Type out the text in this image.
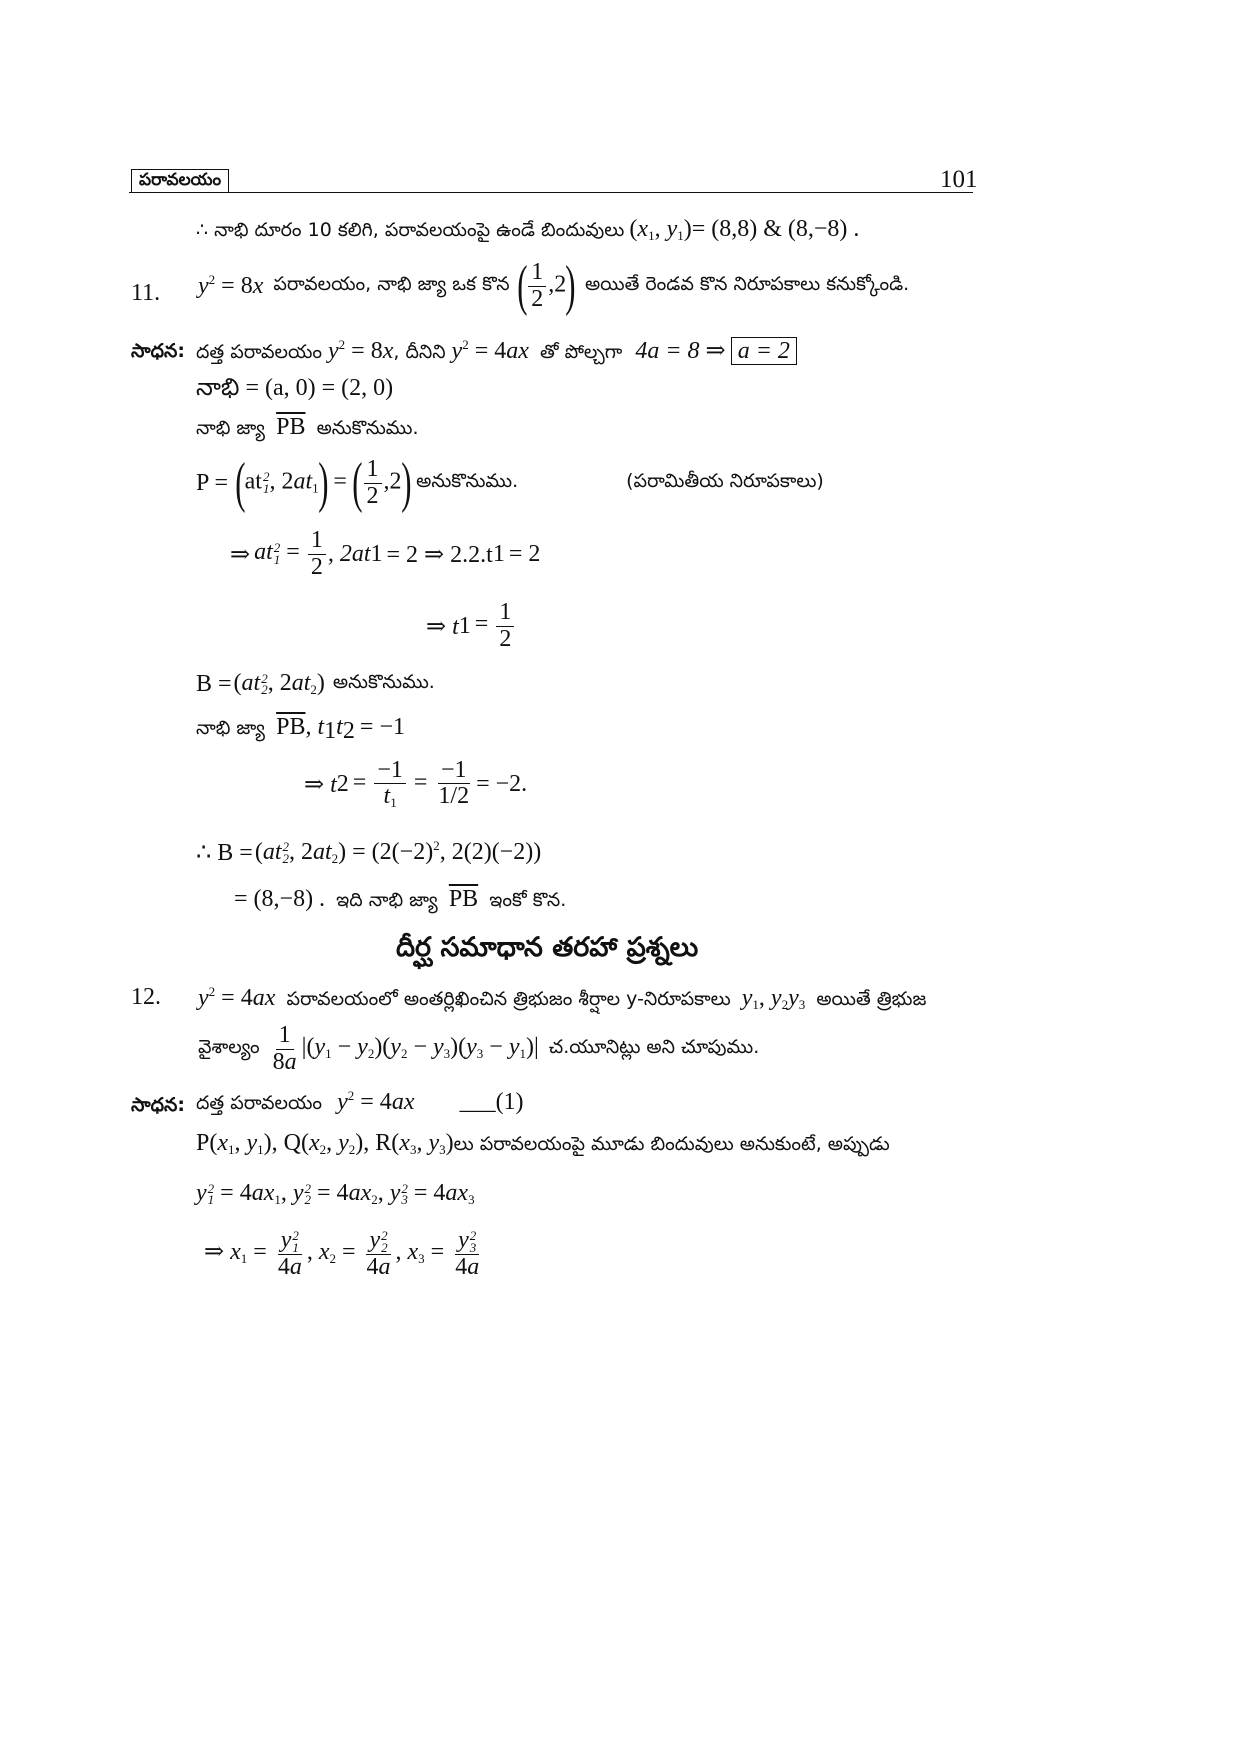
పరావలయం	101
∴ నాభి దూరం 10 కలిగి, పరావలయంపై ఉండే బిందువులు ($x_1$, $y_1)= (8,8)$ & (8,−8) .
11. $y^2 = 8x$ పరావలయం, నాభి జ్యా ఒక కొన ( $\frac{1}{2} ,2$) అయితే రెండవ కొన నిరూపకాలు కనుక్కోండి.
సాధన: దత్త పరావలయం $y^2 = 8x$, దీనిని $y^2 = 4ax$ తో పోల్చగా 4a = 8 ⇒ a = 2
నాభి = (a, 0) = (2, 0)
నాభి జ్యా $\overline{PB}$ అనుకొనుము.
P = (at 2
1 , $2at_1$) = ( $\frac{1}{2} ,2$) అనుకొనుము.	(పరామితీయ నిరూపకాలు)
⇒ at 2
$1 = \frac{1}{2}$ , 2at 1 = 2 ⇒ 2.2.t 1 = 2
⇒ t $1 = \frac{1}{2}$
B = (at 2
2 , $2at_2$) అనుకొనుము.
నాభి జ్యా $\overline{PB}$, $t_1t_2 = -1$
⇒ t $2 = \frac{-1}{t_1} = \frac{-1}{1/2} = -2$.
∴ B = (at 2
2 , $2at_2) = (2(-2)^2$, 2(2)(−2))
= (8,−8) . ఇది నాభి జ్యా $\overline{PB}$ ఇంకో కొన.
దీర్ఘ సమాధాన తరహా ప్రశ్నలు
12. $y^2 = 4ax$ పరావలయంలో అంతర్లిఖించిన త్రిభుజం శీర్షాల y-నిరూపకాలు $y_1$, $y_2y_3$ అయితే త్రిభుజ
వైశాల్యం $\frac{1}{8a} |(y_1 - y_2)(y_2 - y_3)(y_3 - y_1)|$ చ.యూనిట్లు అని చూపుము.
సాధన: దత్త పరావలయం $y^2 = 4ax$ ___(1)
$P(x_1$, $y_1$), $Q(x_2$, $y_2$), $R(x_3$, $y_3)లు$ పరావలయంపై మూడు బిందువులు అనుకుంటే, అప్పుడు
y 2
$1 = 4ax_1$, y 2
$2 = 4ax_2$, y 2
$3 = 4ax_3$
⇒ $x_1 = y$ 2
1
4a , $x_2 = y$ 2
2
4a , $x_3 = y$ 2
3
4a
